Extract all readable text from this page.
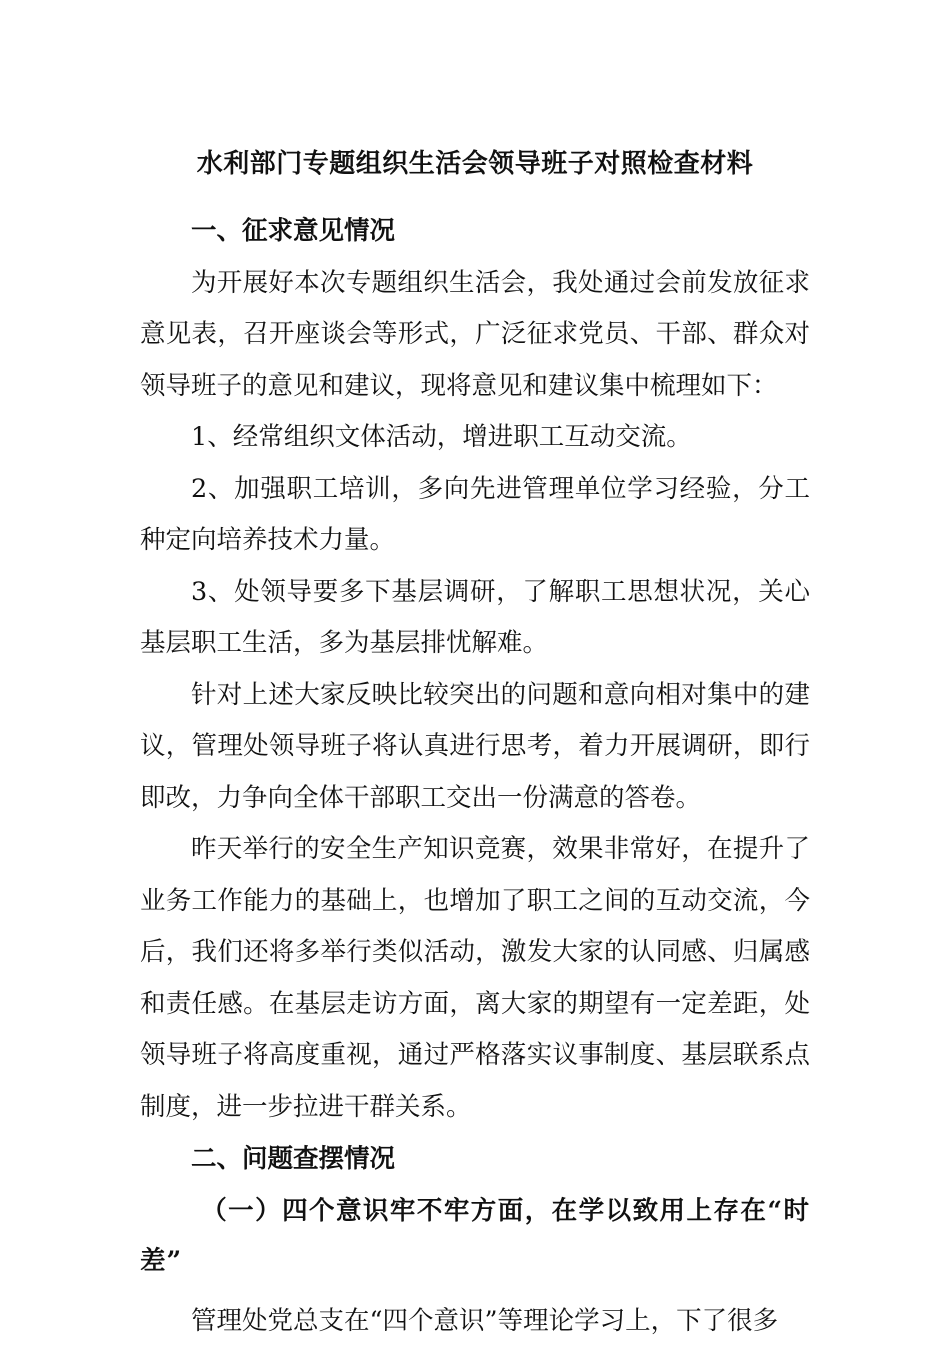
水利部门专题组织生活会领导班子对照检查材料

一、征求意见情况

为开展好本次专题组织生活会，我处通过会前发放征求意见表，召开座谈会等形式，广泛征求党员、干部、群众对领导班子的意见和建议，现将意见和建议集中梳理如下：

1、经常组织文体活动，增进职工互动交流。

2、加强职工培训，多向先进管理单位学习经验，分工种定向培养技术力量。

3、处领导要多下基层调研，了解职工思想状况，关心基层职工生活，多为基层排忧解难。

针对上述大家反映比较突出的问题和意向相对集中的建议，管理处领导班子将认真进行思考，着力开展调研，即行即改，力争向全体干部职工交出一份满意的答卷。

昨天举行的安全生产知识竞赛，效果非常好，在提升了业务工作能力的基础上，也增加了职工之间的互动交流，今后，我们还将多举行类似活动，激发大家的认同感、归属感和责任感。在基层走访方面，离大家的期望有一定差距，处领导班子将高度重视，通过严格落实议事制度、基层联系点制度，进一步拉进干群关系。

二、问题查摆情况

（一）四个意识牢不牢方面，在学以致用上存在“时差”

管理处党总支在“四个意识”等理论学习上，下了很多
